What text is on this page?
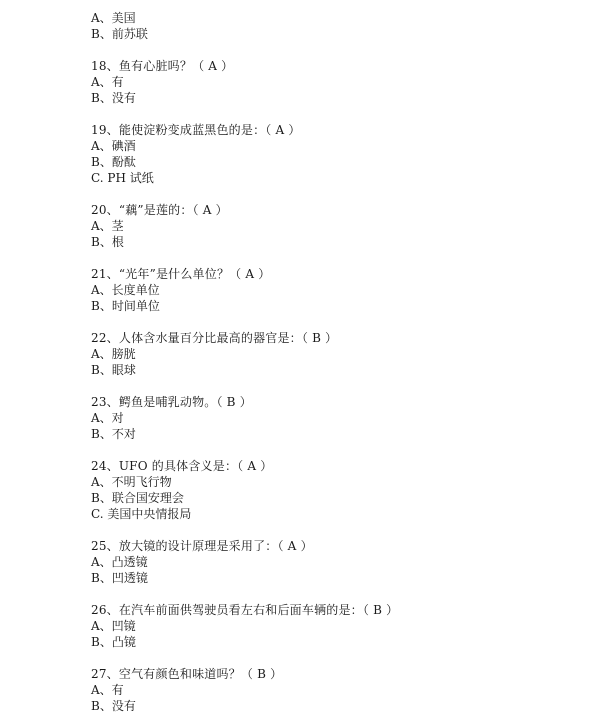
A、美国
B、前苏联
18、鱼有心脏吗？（ A ）
A、有
B、没有
19、能使淀粉变成蓝黑色的是：（ A ）
A、碘酒
B、酚酞
C. PH 试纸
20、“藕”是莲的：（ A ）
A、茎
B、根
21、“光年”是什么单位？（ A ）
A、长度单位
B、时间单位
22、人体含水量百分比最高的器官是：（ B ）
A、膀胱
B、眼球
23、鳄鱼是哺乳动物。（ B ）
A、对
B、不对
24、UFO 的具体含义是：（ A ）
A、不明飞行物
B、联合国安理会
C. 美国中央情报局
25、放大镜的设计原理是采用了：（ A ）
A、凸透镜
B、凹透镜
26、在汽车前面供驾驶员看左右和后面车辆的是：（ B ）
A、凹镜
B、凸镜
27、空气有颜色和味道吗？（ B ）
A、有
B、没有
